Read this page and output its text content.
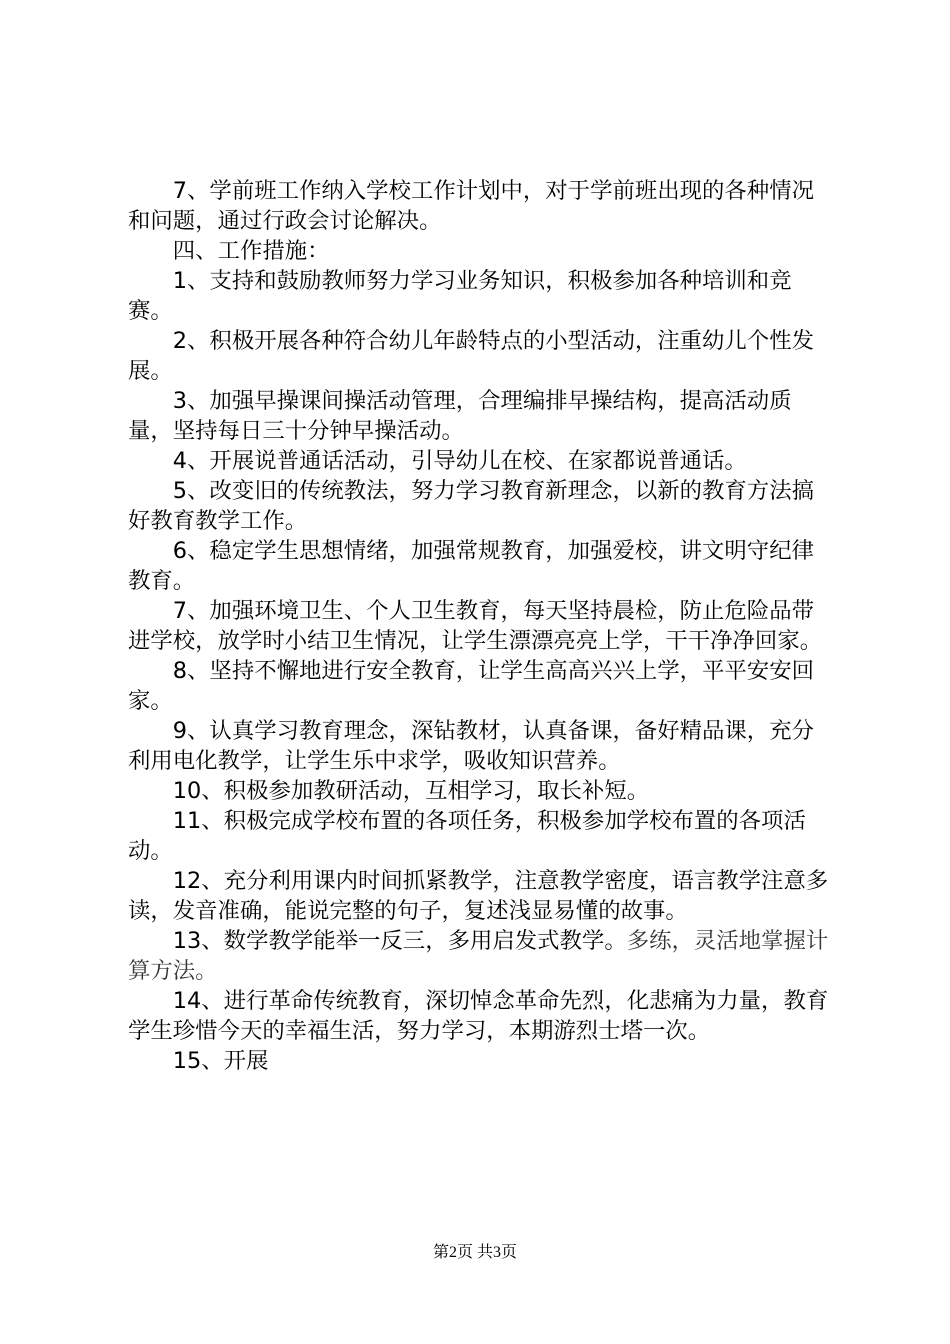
7、学前班工作纳入学校工作计划中，对于学前班出现的各种情况和问题，通过行政会讨论解决。

四、工作措施：

1、支持和鼓励教师努力学习业务知识，积极参加各种培训和竞赛。

2、积极开展各种符合幼儿年龄特点的小型活动，注重幼儿个性发展。

3、加强早操课间操活动管理，合理编排早操结构，提高活动质量，坚持每日三十分钟早操活动。

4、开展说普通话活动，引导幼儿在校、在家都说普通话。

5、改变旧的传统教法，努力学习教育新理念，以新的教育方法搞好教育教学工作。

6、稳定学生思想情绪，加强常规教育，加强爱校，讲文明守纪律教育。

7、加强环境卫生、个人卫生教育，每天坚持晨检，防止危险品带进学校，放学时小结卫生情况，让学生漂漂亮亮上学，干干净净回家。

8、坚持不懈地进行安全教育，让学生高高兴兴上学，平平安安回家。

9、认真学习教育理念，深钻教材，认真备课，备好精品课，充分利用电化教学，让学生乐中求学，吸收知识营养。

10、积极参加教研活动，互相学习，取长补短。

11、积极完成学校布置的各项任务，积极参加学校布置的各项活动。

12、充分利用课内时间抓紧教学，注意教学密度，语言教学注意多读，发音准确，能说完整的句子，复述浅显易懂的故事。

13、数学教学能举一反三，多用启发式教学。多练，灵活地掌握计算方法。

14、进行革命传统教育，深切悼念革命先烈，化悲痛为力量，教育学生珍惜今天的幸福生活，努力学习，本期游烈士塔一次。

15、开展

第2页 共3页
